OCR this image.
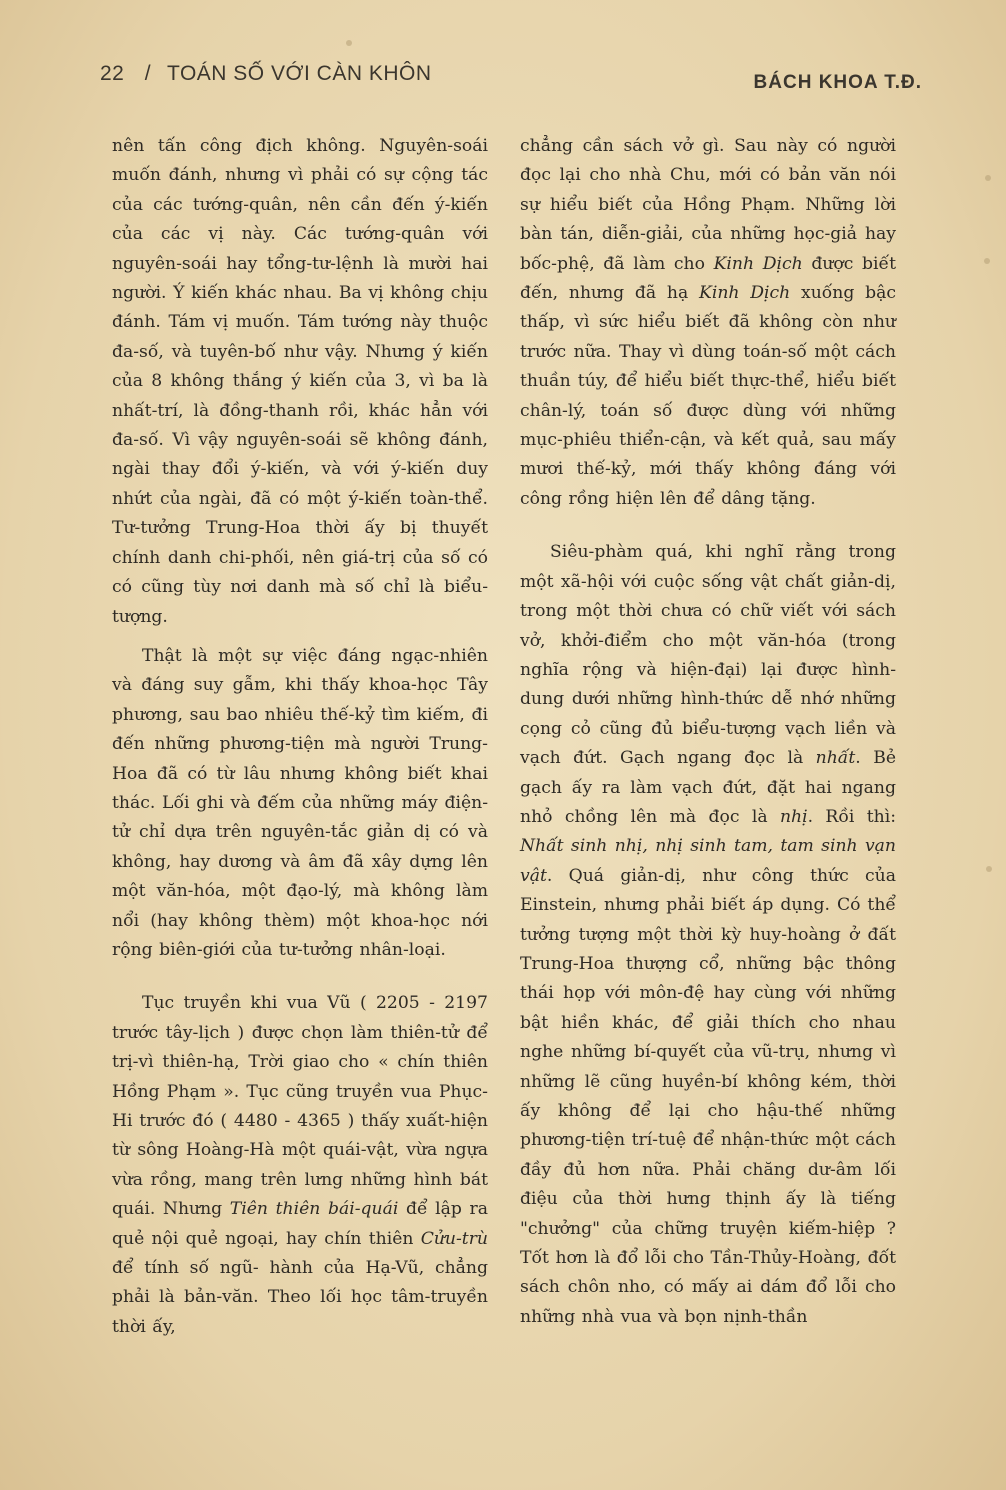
22 / TOÁN SỐ VỚI CÀN KHÔN	BÁCH KHOA T.Đ.

nên tấn công địch không. Nguyên-soái muốn đánh, nhưng vì phải có sự cộng tác của các tướng-quân, nên cần đến ý-kiến của các vị này. Các tướng-quân với nguyên-soái hay tổng-tư-lệnh là mười hai người. Ý kiến khác nhau. Ba vị không chịu đánh. Tám vị muốn. Tám tướng này thuộc đa-số, và tuyên-bố như vậy. Nhưng ý kiến của 8 không thắng ý kiến của 3, vì ba là nhất-trí, là đồng-thanh rồi, khác hẳn với đa-số. Vì vậy nguyên-soái sẽ không đánh, ngài thay đổi ý-kiến, và với ý-kiến duy nhứt của ngài, đã có một ý-kiến toàn-thể. Tư-tưởng Trung-Hoa thời ấy bị thuyết chính danh chi-phối, nên giá-trị của số có có cũng tùy nơi danh mà số chỉ là biểu-tượng.

Thật là một sự việc đáng ngạc-nhiên và đáng suy gẫm, khi thấy khoa-học Tây phương, sau bao nhiêu thế-kỷ tìm kiếm, đi đến những phương-tiện mà người Trung-Hoa đã có từ lâu nhưng không biết khai thác. Lối ghi và đếm của những máy điện-tử chỉ dựa trên nguyên-tắc giản dị có và không, hay dương và âm đã xây dựng lên một văn-hóa, một đạo-lý, mà không làm nổi (hay không thèm) một khoa-học nới rộng biên-giới của tư-tưởng nhân-loại.

Tục truyền khi vua Vũ ( 2205 - 2197 trước tây-lịch ) được chọn làm thiên-tử để trị-vì thiên-hạ, Trời giao cho « chín thiên Hồng Phạm ». Tục cũng truyền vua Phục-Hi trước đó ( 4480 - 4365 ) thấy xuất-hiện từ sông Hoàng-Hà một quái-vật, vừa ngựa vừa rồng, mang trên lưng những hình bát quái. Nhưng Tiên thiên bái-quái để lập ra quẻ nội quẻ ngoại, hay chín thiên Cửu-trù để tính số ngũ- hành của Hạ-Vũ, chẳng phải là bản-văn. Theo lối học tâm-truyền thời ấy,

chẳng cần sách vở gì. Sau này có người đọc lại cho nhà Chu, mới có bản văn nói sự hiểu biết của Hồng Phạm. Những lời bàn tán, diễn-giải, của những học-giả hay bốc-phệ, đã làm cho Kinh Dịch được biết đến, nhưng đã hạ Kinh Dịch xuống bậc thấp, vì sức hiểu biết đã không còn như trước nữa. Thay vì dùng toán-số một cách thuần túy, để hiểu biết thực-thể, hiểu biết chân-lý, toán số được dùng với những mục-phiêu thiển-cận, và kết quả, sau mấy mươi thế-kỷ, mới thấy không đáng với công rồng hiện lên để dâng tặng.

Siêu-phàm quá, khi nghĩ rằng trong một xã-hội với cuộc sống vật chất giản-dị, trong một thời chưa có chữ viết với sách vở, khởi-điểm cho một văn-hóa (trong nghĩa rộng và hiện-đại) lại được hình-dung dưới những hình-thức dễ nhớ những cọng cỏ cũng đủ biểu-tượng vạch liền và vạch đứt. Gạch ngang đọc là nhất. Bẻ gạch ấy ra làm vạch đứt, đặt hai ngang nhỏ chồng lên mà đọc là nhị. Rồi thì: Nhất sinh nhị, nhị sinh tam, tam sinh vạn vật. Quá giản-dị, như công thức của Einstein, nhưng phải biết áp dụng. Có thể tưởng tượng một thời kỳ huy-hoàng ở đất Trung-Hoa thượng cổ, những bậc thông thái họp với môn-đệ hay cùng với những bật hiền khác, để giải thích cho nhau nghe những bí-quyết của vũ-trụ, nhưng vì những lẽ cũng huyền-bí không kém, thời ấy không để lại cho hậu-thế những phương-tiện trí-tuệ để nhận-thức một cách đầy đủ hơn nữa. Phải chăng dư-âm lối điệu của thời hưng thịnh ấy là tiếng "chưởng" của chững truyện kiếm-hiệp ? Tốt hơn là đổ lỗi cho Tần-Thủy-Hoàng, đốt sách chôn nho, có mấy ai dám đổ lỗi cho những nhà vua và bọn nịnh-thần
